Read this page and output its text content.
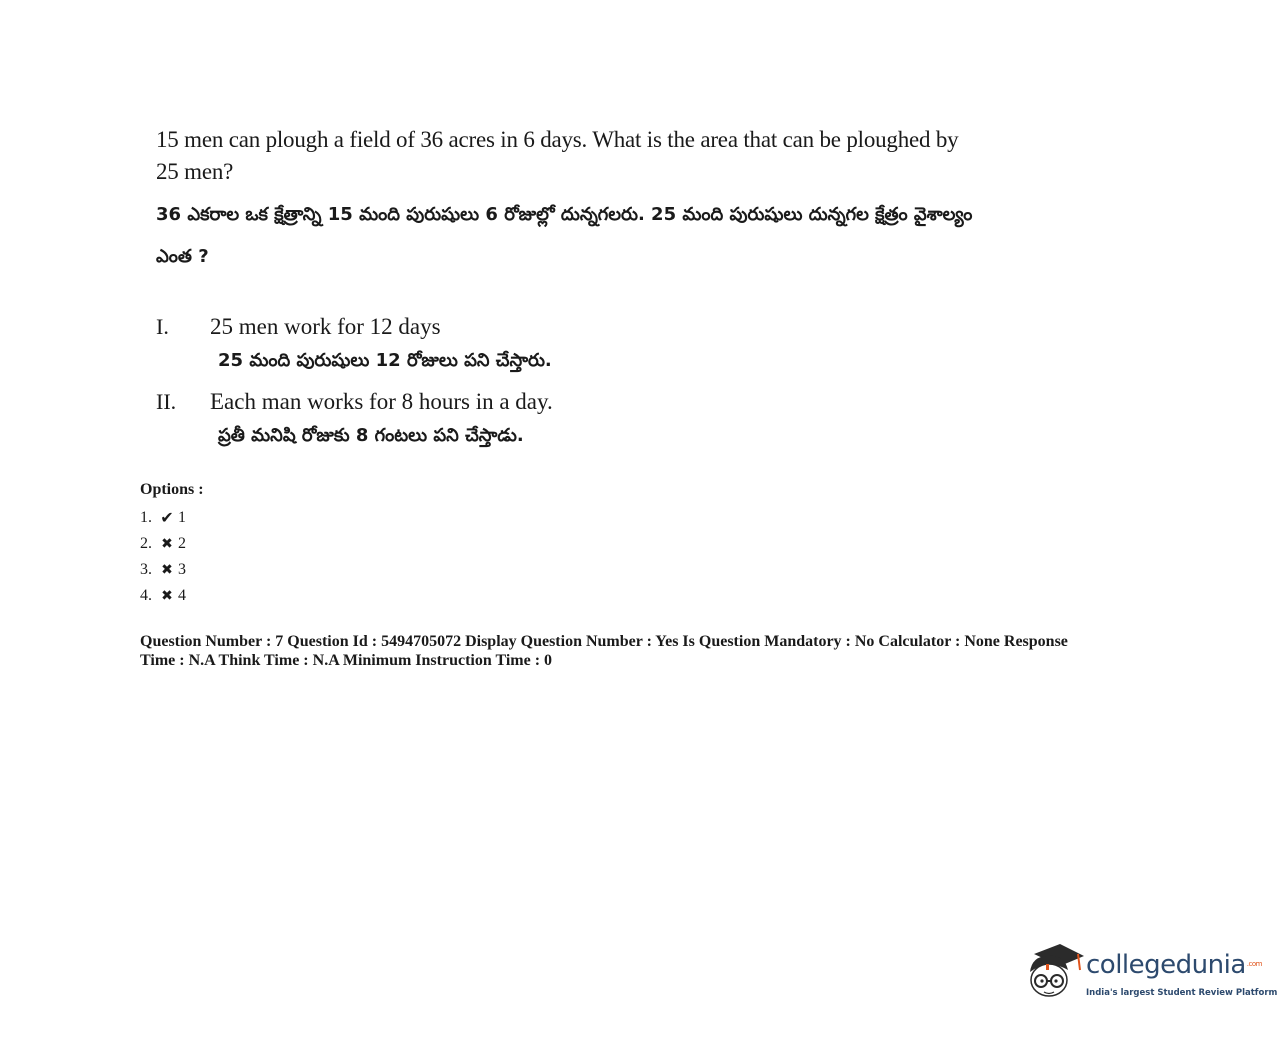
15 men can plough a field of 36 acres in 6 days. What is the area that can be ploughed by 25 men?
36 ఎకరాల ఒక క్షేత్రాన్ని 15 మంది పురుషులు 6 రోజుల్లో దున్నగలరు. 25 మంది పురుషులు దున్నగల క్షేత్రం వైశాల్యం ఎంత ?
I. 25 men work for 12 days
25 మంది పురుషులు 12 రోజులు పని చేస్తారు.
II. Each man works for 8 hours in a day.
ప్రతీ మనిషి రోజుకు 8 గంటలు పని చేస్తాడు.
Options :
1. ✔ 1
2. ✖ 2
3. ✖ 3
4. ✖ 4
Question Number : 7 Question Id : 5494705072 Display Question Number : Yes Is Question Mandatory : No Calculator : None Response
Time : N.A Think Time : N.A Minimum Instruction Time : 0
collegedunia$^{.com}$
India's largest Student Review Platform
